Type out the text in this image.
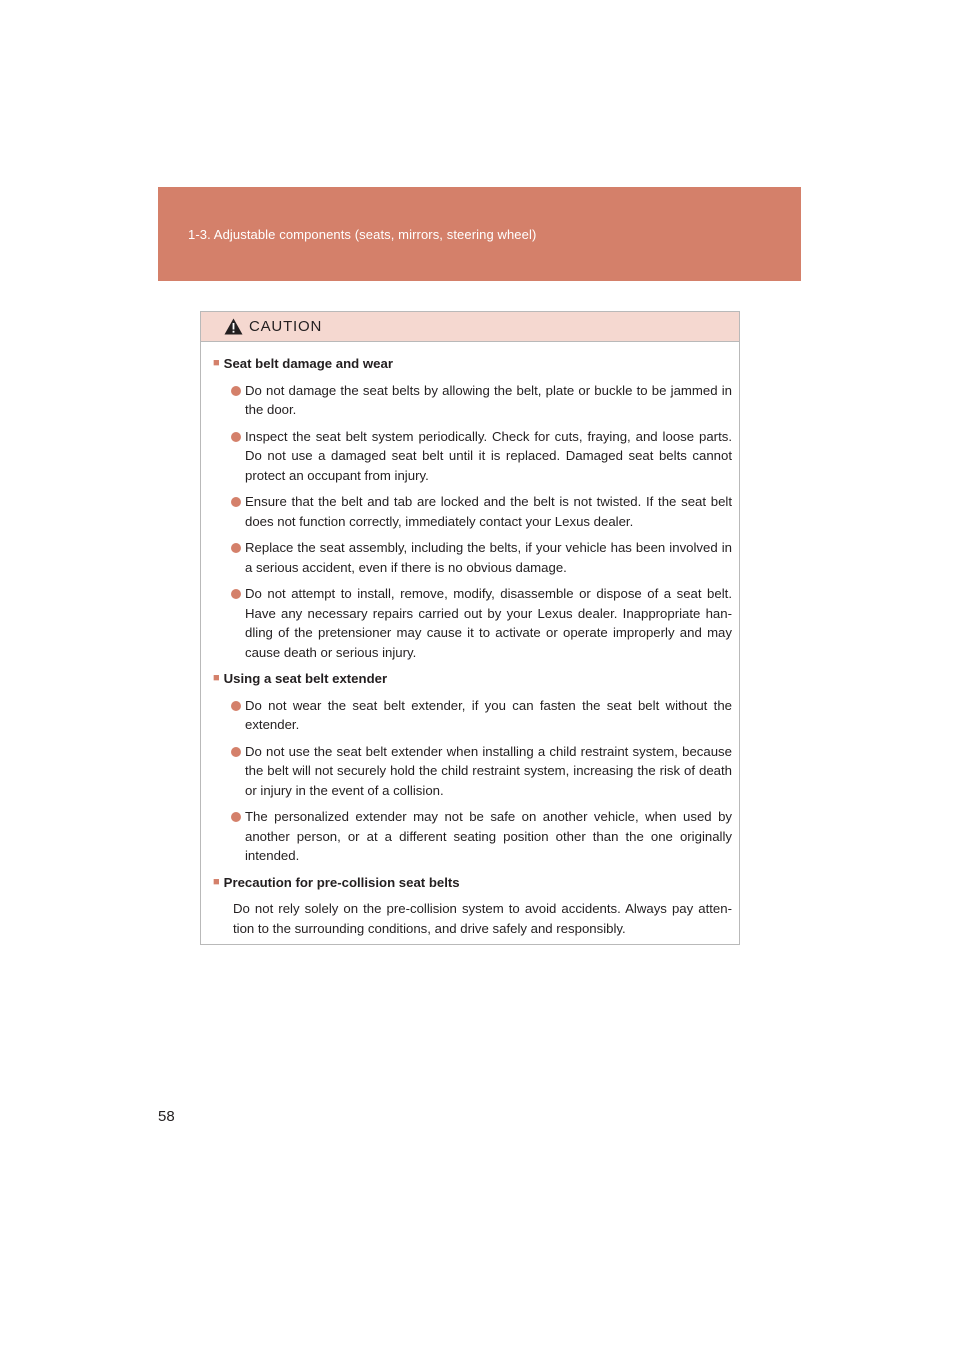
1-3. Adjustable components (seats, mirrors, steering wheel)
CAUTION
■ Seat belt damage and wear
Do not damage the seat belts by allowing the belt, plate or buckle to be jammed in the door.
Inspect the seat belt system periodically. Check for cuts, fraying, and loose parts. Do not use a damaged seat belt until it is replaced. Damaged seat belts cannot protect an occupant from injury.
Ensure that the belt and tab are locked and the belt is not twisted. If the seat belt does not function correctly, immediately contact your Lexus dealer.
Replace the seat assembly, including the belts, if your vehicle has been involved in a serious accident, even if there is no obvious damage.
Do not attempt to install, remove, modify, disassemble or dispose of a seat belt. Have any necessary repairs carried out by your Lexus dealer. Inappropriate han-dling of the pretensioner may cause it to activate or operate improperly and may cause death or serious injury.
■ Using a seat belt extender
Do not wear the seat belt extender, if you can fasten the seat belt without the extender.
Do not use the seat belt extender when installing a child restraint system, because the belt will not securely hold the child restraint system, increasing the risk of death or injury in the event of a collision.
The personalized extender may not be safe on another vehicle, when used by another person, or at a different seating position other than the one originally intended.
■ Precaution for pre-collision seat belts
Do not rely solely on the pre-collision system to avoid accidents. Always pay atten-tion to the surrounding conditions, and drive safely and responsibly.
58
